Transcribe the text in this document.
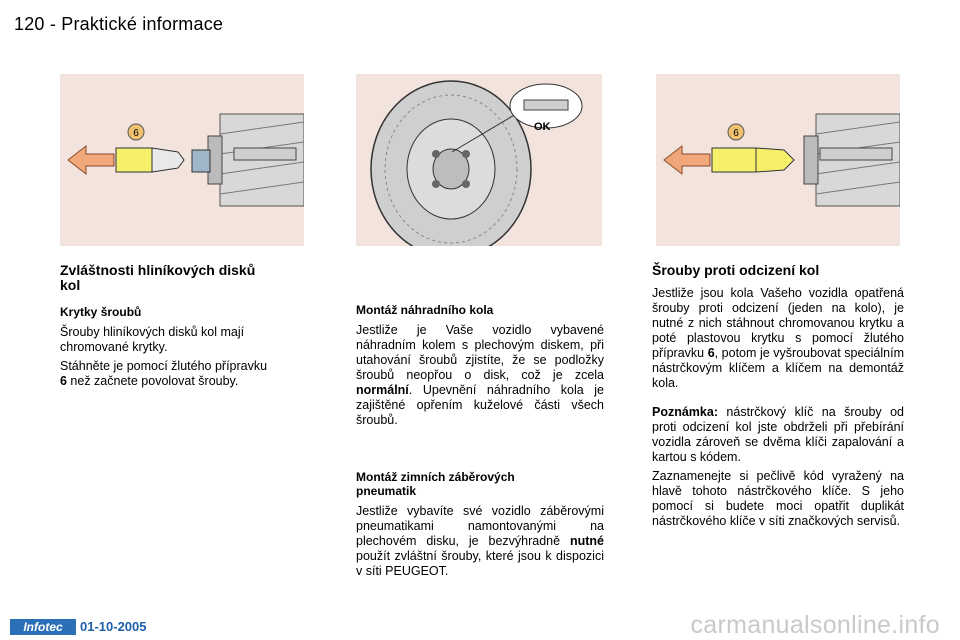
120 - Praktické informace
6
OK
6
Zvláštnosti hliníkových disků kol
Krytky šroubů
Šrouby hliníkových disků kol mají chromované krytky.
Stáhněte je pomocí žlutého přípravku
6 než začnete povolovat šrouby.
Montáž náhradního kola
Jestliže je Vaše vozidlo vybavené náhradním kolem s plechovým diskem, při utahování šroubů zjistíte, že se podložky šroubů neopřou o disk, což je zcela normální. Upevnění náhradního kola je zajištěné opřením kuželové části všech šroubů.
Montáž zimních záběrových pneumatik
Jestliže vybavíte své vozidlo záběrovými pneumatikami namontovanými na plechovém disku, je bezvýhradně nutné použít zvláštní šrouby, které jsou k dispozici v síti PEUGEOT.
Šrouby proti odcizení kol
Jestliže jsou kola Vašeho vozidla opatřená šrouby proti odcizení (jeden na kolo), je nutné z nich stáhnout chromovanou krytku a poté plastovou krytku s pomocí žlutého přípravku 6, potom je vyšroubovat speciálním nástrčkovým klíčem a klíčem na demontáž kola.
Poznámka: nástrčkový klíč na šrouby od proti odcizení kol jste obdrželi při přebírání vozidla zároveň se dvěma klíči zapalování a kartou s kódem.
Zaznamenejte si pečlivě kód vyražený na hlavě tohoto nástrčkového klíče. S jeho pomocí si budete moci opatřit duplikát nástrčkového klíče v síti značkových servisů.
Infotec	01-10-2005	carmanualsonline.info
